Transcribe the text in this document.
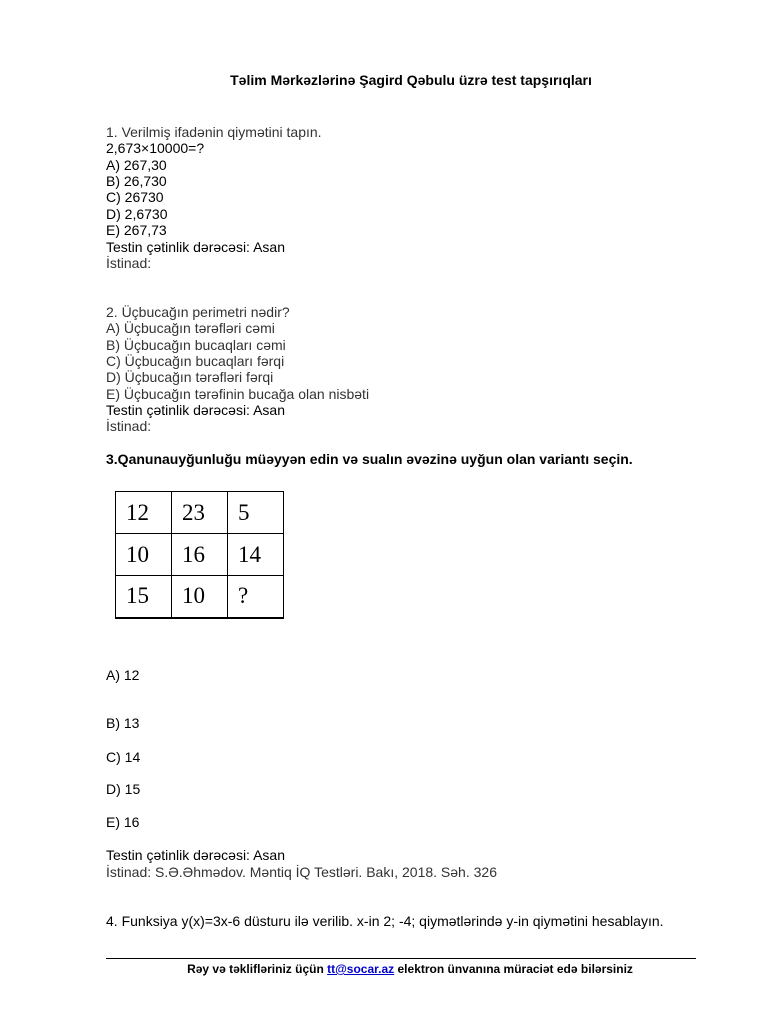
Təlim Mərkəzlərinə Şagird Qəbulu üzrə test tapşırıqları
1. Verilmiş ifadənin qiymətini tapın.
2,673×10000=?
A) 267,30
B) 26,730
C) 26730
D) 2,6730
E) 267,73
Testin çətinlik dərəcəsi: Asan
İstinad:
2. Üçbucağın perimetri nədir?
A) Üçbucağın tərəfləri cəmi
B) Üçbucağın bucaqları cəmi
C) Üçbucağın bucaqları fərqi
D) Üçbucağın tərəfləri fərqi
E) Üçbucağın tərəfinin bucağa olan nisbəti
Testin çətinlik dərəcəsi: Asan
İstinad:
3.Qanunauyğunluğu müəyyən edin və sualın əvəzinə uyğun olan variantı seçin.
12	23	5
10	16	14
15	10	?
A) 12
B) 13
C) 14
D) 15
E) 16
Testin çətinlik dərəcəsi: Asan
İstinad: S.Ə.Əhmədov. Məntiq İQ Testləri. Bakı, 2018. Səh. 326
4. Funksiya y(x)=3x-6 düsturu ilə verilib. x-in 2; -4; qiymətlərində y-in qiymətini hesablayın.
Rəy və təklifləriniz üçün tt@socar.az elektron ünvanına müraciət edə bilərsiniz
